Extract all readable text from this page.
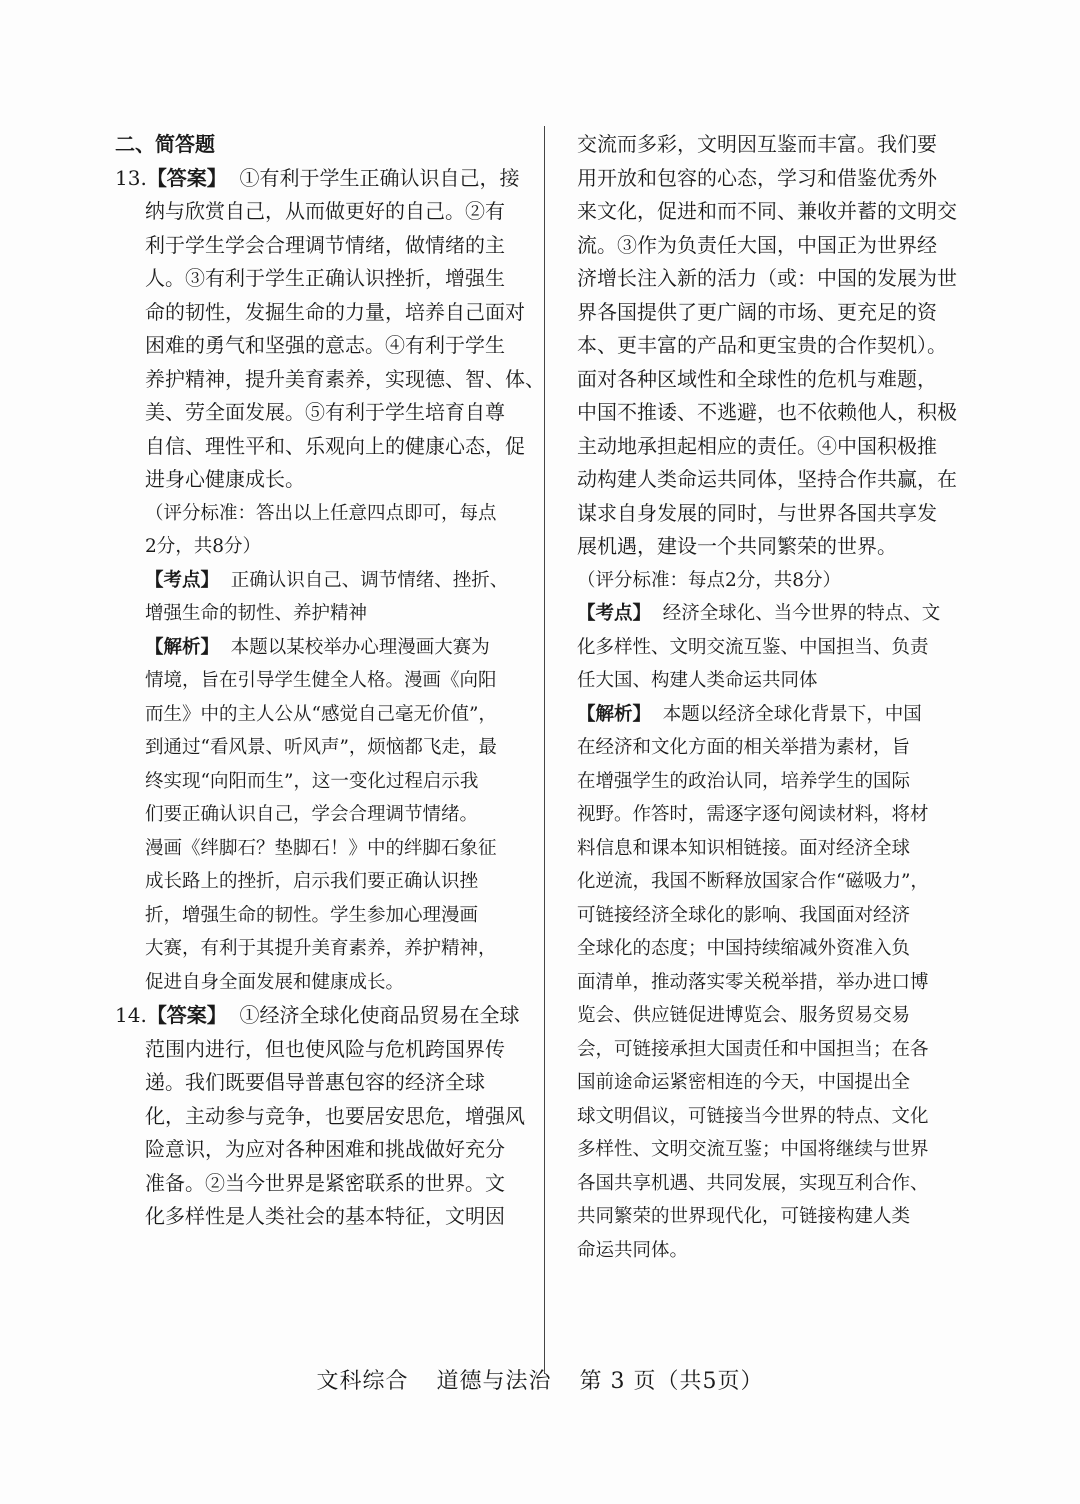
二、简答题
13.【答案】 ①有利于学生正确认识自己，接
纳与欣赏自己，从而做更好的自己。②有
利于学生学会合理调节情绪，做情绪的主
人。③有利于学生正确认识挫折，增强生
命的韧性，发掘生命的力量，培养自己面对
困难的勇气和坚强的意志。④有利于学生
养护精神，提升美育素养，实现德、智、体、
美、劳全面发展。⑤有利于学生培育自尊
自信、理性平和、乐观向上的健康心态，促
进身心健康成长。
（评分标准：答出以上任意四点即可，每点
2分，共8分）
【考点】 正确认识自己、调节情绪、挫折、
增强生命的韧性、养护精神
【解析】 本题以某校举办心理漫画大赛为
情境，旨在引导学生健全人格。漫画《向阳
而生》中的主人公从“感觉自己毫无价值”，
到通过“看风景、听风声”，烦恼都飞走，最
终实现“向阳而生”，这一变化过程启示我
们要正确认识自己，学会合理调节情绪。
漫画《绊脚石？垫脚石！》中的绊脚石象征
成长路上的挫折，启示我们要正确认识挫
折，增强生命的韧性。学生参加心理漫画
大赛，有利于其提升美育素养，养护精神，
促进自身全面发展和健康成长。
14.【答案】 ①经济全球化使商品贸易在全球
范围内进行，但也使风险与危机跨国界传
递。我们既要倡导普惠包容的经济全球
化，主动参与竞争，也要居安思危，增强风
险意识，为应对各种困难和挑战做好充分
准备。②当今世界是紧密联系的世界。文
化多样性是人类社会的基本特征，文明因
交流而多彩，文明因互鉴而丰富。我们要
用开放和包容的心态，学习和借鉴优秀外
来文化，促进和而不同、兼收并蓄的文明交
流。③作为负责任大国，中国正为世界经
济增长注入新的活力（或：中国的发展为世
界各国提供了更广阔的市场、更充足的资
本、更丰富的产品和更宝贵的合作契机）。
面对各种区域性和全球性的危机与难题，
中国不推诿、不逃避，也不依赖他人，积极
主动地承担起相应的责任。④中国积极推
动构建人类命运共同体，坚持合作共赢，在
谋求自身发展的同时，与世界各国共享发
展机遇，建设一个共同繁荣的世界。
（评分标准：每点2分，共8分）
【考点】 经济全球化、当今世界的特点、文
化多样性、文明交流互鉴、中国担当、负责
任大国、构建人类命运共同体
【解析】 本题以经济全球化背景下，中国
在经济和文化方面的相关举措为素材，旨
在增强学生的政治认同，培养学生的国际
视野。作答时，需逐字逐句阅读材料，将材
料信息和课本知识相链接。面对经济全球
化逆流，我国不断释放国家合作“磁吸力”，
可链接经济全球化的影响、我国面对经济
全球化的态度；中国持续缩减外资准入负
面清单，推动落实零关税举措，举办进口博
览会、供应链促进博览会、服务贸易交易
会，可链接承担大国责任和中国担当；在各
国前途命运紧密相连的今天，中国提出全
球文明倡议，可链接当今世界的特点、文化
多样性、文明交流互鉴；中国将继续与世界
各国共享机遇、共同发展，实现互利合作、
共同繁荣的世界现代化，可链接构建人类
命运共同体。
文科综合 道德与法治 第 3 页（共5页）
